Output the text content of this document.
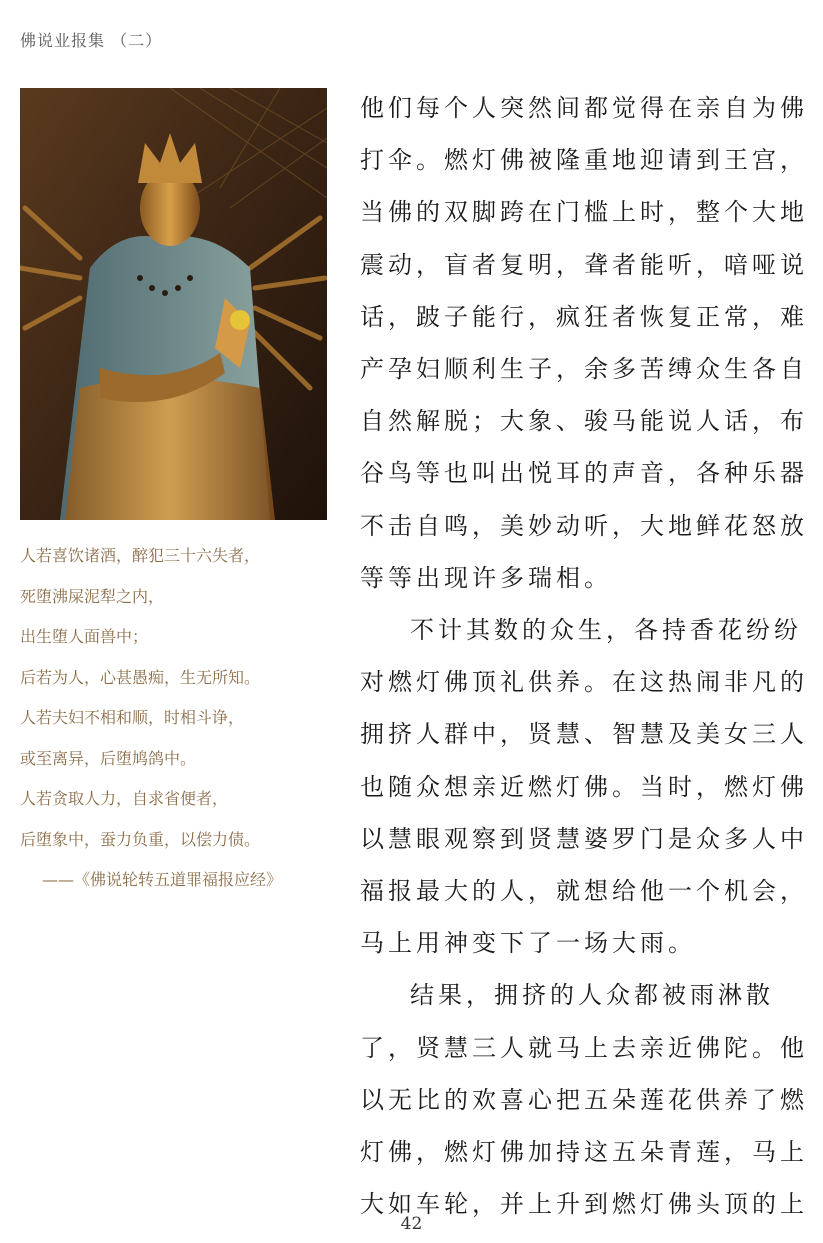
佛说业报集 （二）
人若喜饮诸酒，醉犯三十六失者，
死堕沸屎泥犁之内，
出生堕人面兽中；
后若为人，心甚愚痴，生无所知。
人若夫妇不相和顺，时相斗诤，
或至离异，后堕鸠鸽中。
人若贪取人力，自求省便者，
后堕象中，蚕力负重，以偿力债。
——《佛说轮转五道罪福报应经》
他们每个人突然间都觉得在亲自为佛
打伞。燃灯佛被隆重地迎请到王宫，
当佛的双脚跨在门槛上时，整个大地
震动，盲者复明，聋者能听，喑哑说
话，跛子能行，疯狂者恢复正常，难
产孕妇顺利生子，余多苦缚众生各自
自然解脱；大象、骏马能说人话，布
谷鸟等也叫出悦耳的声音，各种乐器
不击自鸣，美妙动听，大地鲜花怒放
等等出现许多瑞相。
不计其数的众生，各持香花纷纷
对燃灯佛顶礼供养。在这热闹非凡的
拥挤人群中，贤慧、智慧及美女三人
也随众想亲近燃灯佛。当时，燃灯佛
以慧眼观察到贤慧婆罗门是众多人中
福报最大的人，就想给他一个机会，
马上用神变下了一场大雨。
结果，拥挤的人众都被雨淋散
了，贤慧三人就马上去亲近佛陀。他
以无比的欢喜心把五朵莲花供养了燃
灯佛，燃灯佛加持这五朵青莲，马上
大如车轮，并上升到燃灯佛头顶的上
42
